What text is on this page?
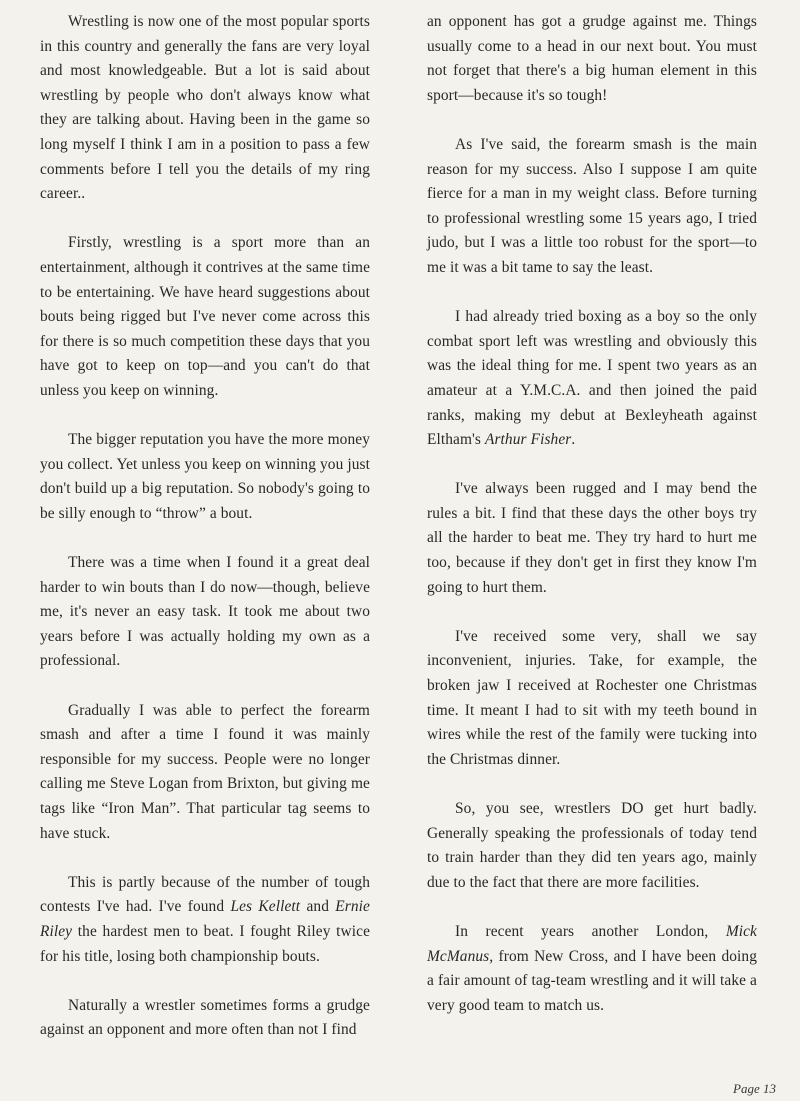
Wrestling is now one of the most popular sports in this country and generally the fans are very loyal and most knowledgeable. But a lot is said about wrestling by people who don't always know what they are talking about. Having been in the game so long myself I think I am in a position to pass a few comments before I tell you the details of my ring career..

Firstly, wrestling is a sport more than an entertainment, although it contrives at the same time to be entertaining. We have heard suggestions about bouts being rigged but I've never come across this for there is so much competition these days that you have got to keep on top—and you can't do that unless you keep on winning.

The bigger reputation you have the more money you collect. Yet unless you keep on winning you just don't build up a big reputation. So nobody's going to be silly enough to “throw” a bout.

There was a time when I found it a great deal harder to win bouts than I do now—though, believe me, it's never an easy task. It took me about two years before I was actually holding my own as a professional.

Gradually I was able to perfect the forearm smash and after a time I found it was mainly responsible for my success. People were no longer calling me Steve Logan from Brixton, but giving me tags like “Iron Man”. That particular tag seems to have stuck.

This is partly because of the number of tough contests I've had. I've found Les Kellett and Ernie Riley the hardest men to beat. I fought Riley twice for his title, losing both championship bouts.

Naturally a wrestler sometimes forms a grudge against an opponent and more often than not I find

an opponent has got a grudge against me. Things usually come to a head in our next bout. You must not forget that there's a big human element in this sport—because it's so tough!

As I've said, the forearm smash is the main reason for my success. Also I suppose I am quite fierce for a man in my weight class. Before turning to professional wrestling some 15 years ago, I tried judo, but I was a little too robust for the sport—to me it was a bit tame to say the least.

I had already tried boxing as a boy so the only combat sport left was wrestling and obviously this was the ideal thing for me. I spent two years as an amateur at a Y.M.C.A. and then joined the paid ranks, making my debut at Bexleyheath against Eltham's Arthur Fisher.

I've always been rugged and I may bend the rules a bit. I find that these days the other boys try all the harder to beat me. They try hard to hurt me too, because if they don't get in first they know I'm going to hurt them.

I've received some very, shall we say inconvenient, injuries. Take, for example, the broken jaw I received at Rochester one Christmas time. It meant I had to sit with my teeth bound in wires while the rest of the family were tucking into the Christmas dinner.

So, you see, wrestlers DO get hurt badly. Generally speaking the professionals of today tend to train harder than they did ten years ago, mainly due to the fact that there are more facilities.

In recent years another London, Mick McManus, from New Cross, and I have been doing a fair amount of tag-team wrestling and it will take a very good team to match us.

Page 13
